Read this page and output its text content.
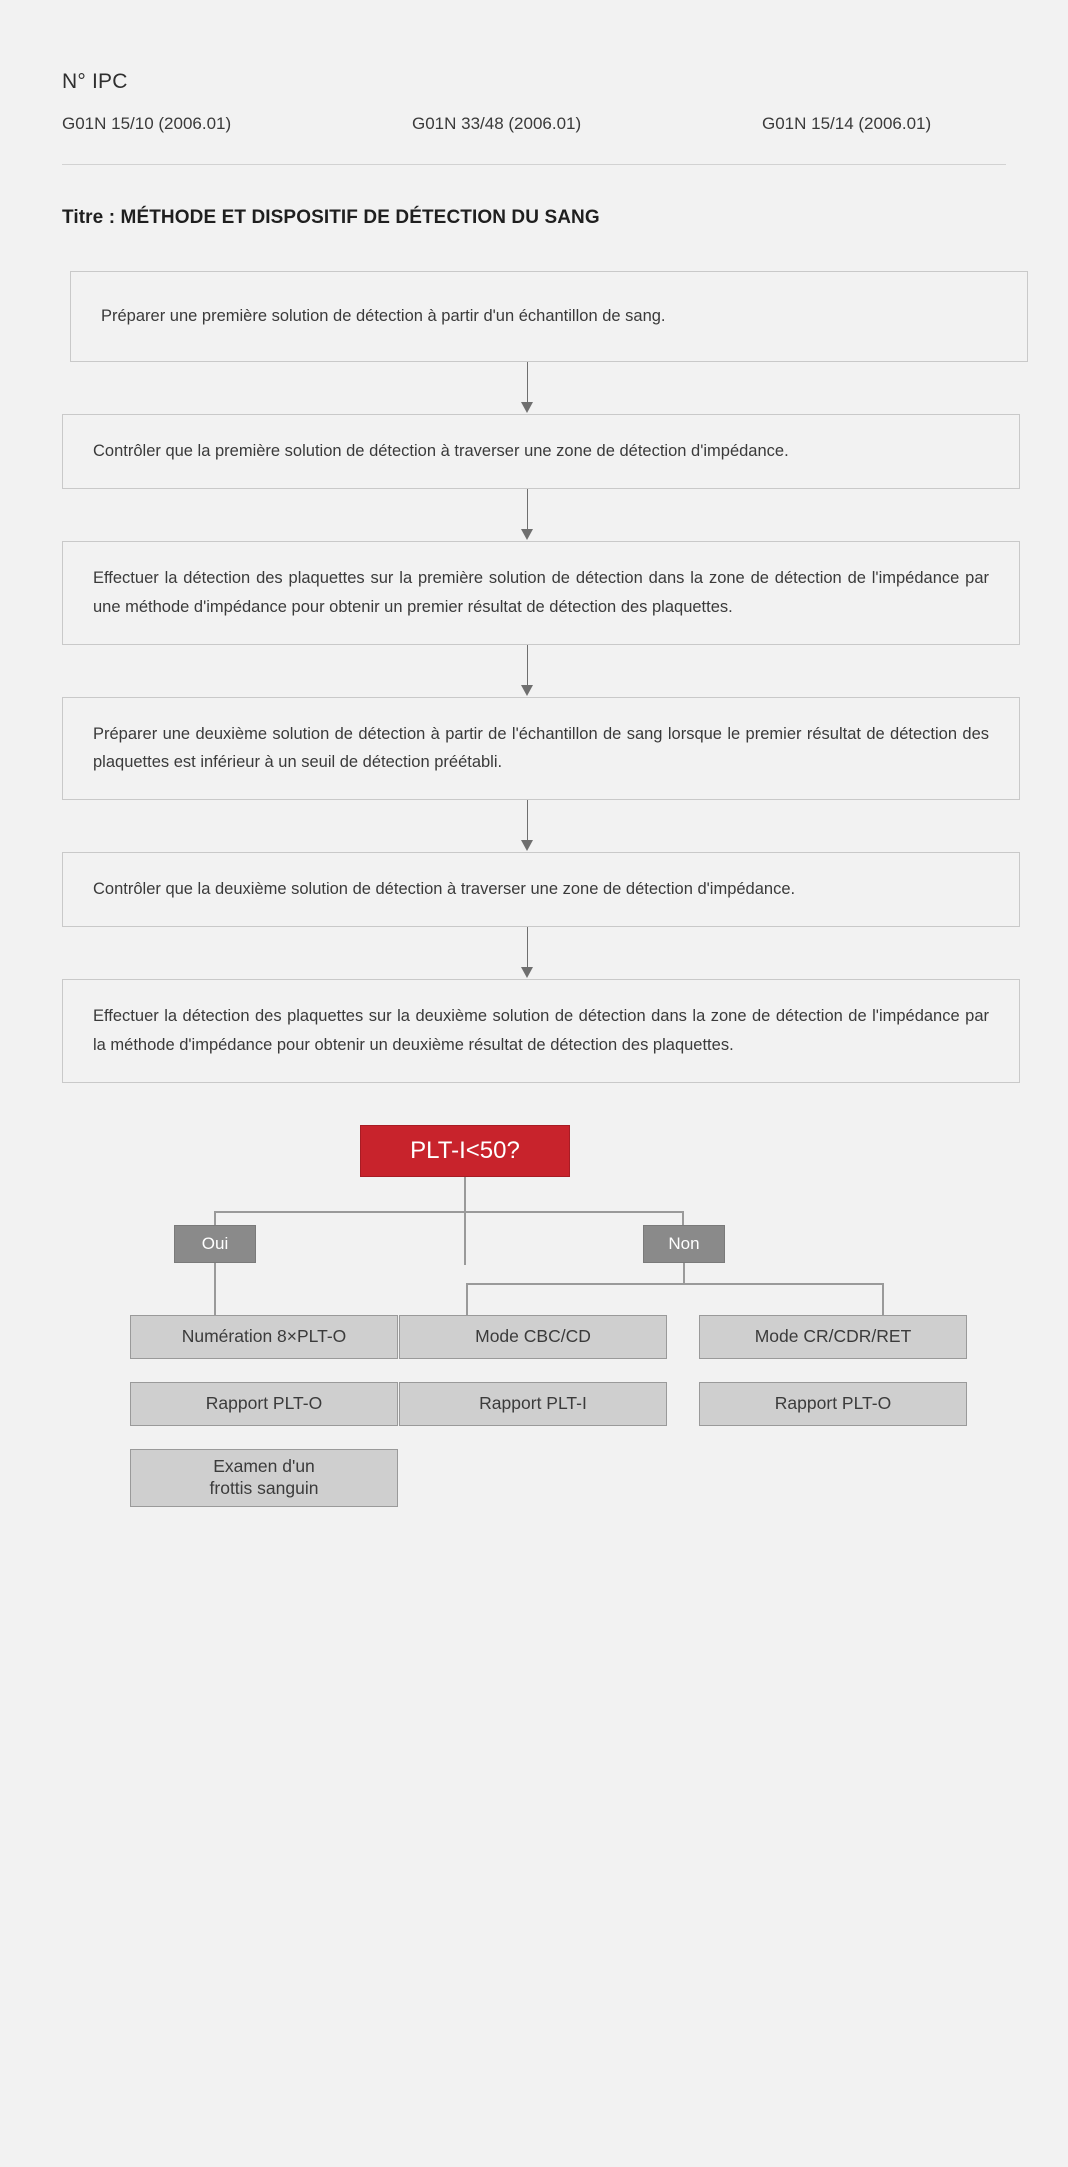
N° IPC
G01N 15/10 (2006.01)	G01N 33/48 (2006.01)	G01N 15/14 (2006.01)
Titre : MÉTHODE ET DISPOSITIF DE DÉTECTION DU SANG
Préparer une première solution de détection à partir d'un échantillon de sang.
Contrôler que la première solution de détection à traverser une zone de détection d'impédance.
Effectuer la détection des plaquettes sur la première solution de détection dans la zone de détection de l'impédance par une méthode d'impédance pour obtenir un premier résultat de détection des plaquettes.
Préparer une deuxième solution de détection à partir de l'échantillon de sang lorsque le premier résultat de détection des plaquettes est inférieur à un seuil de détection préétabli.
Contrôler que la deuxième solution de détection à traverser une zone de détection d'impédance.
Effectuer la détection des plaquettes sur la deuxième solution de détection dans la zone de détection de l'impédance par la méthode d'impédance pour obtenir un deuxième résultat de détection des plaquettes.
PLT-I<50?
Oui	Non
Numération 8×PLT-O
Rapport PLT-O
Examen d'un
frottis sanguin
Mode CBC/CD
Rapport PLT-I
Mode CR/CDR/RET
Rapport PLT-O
